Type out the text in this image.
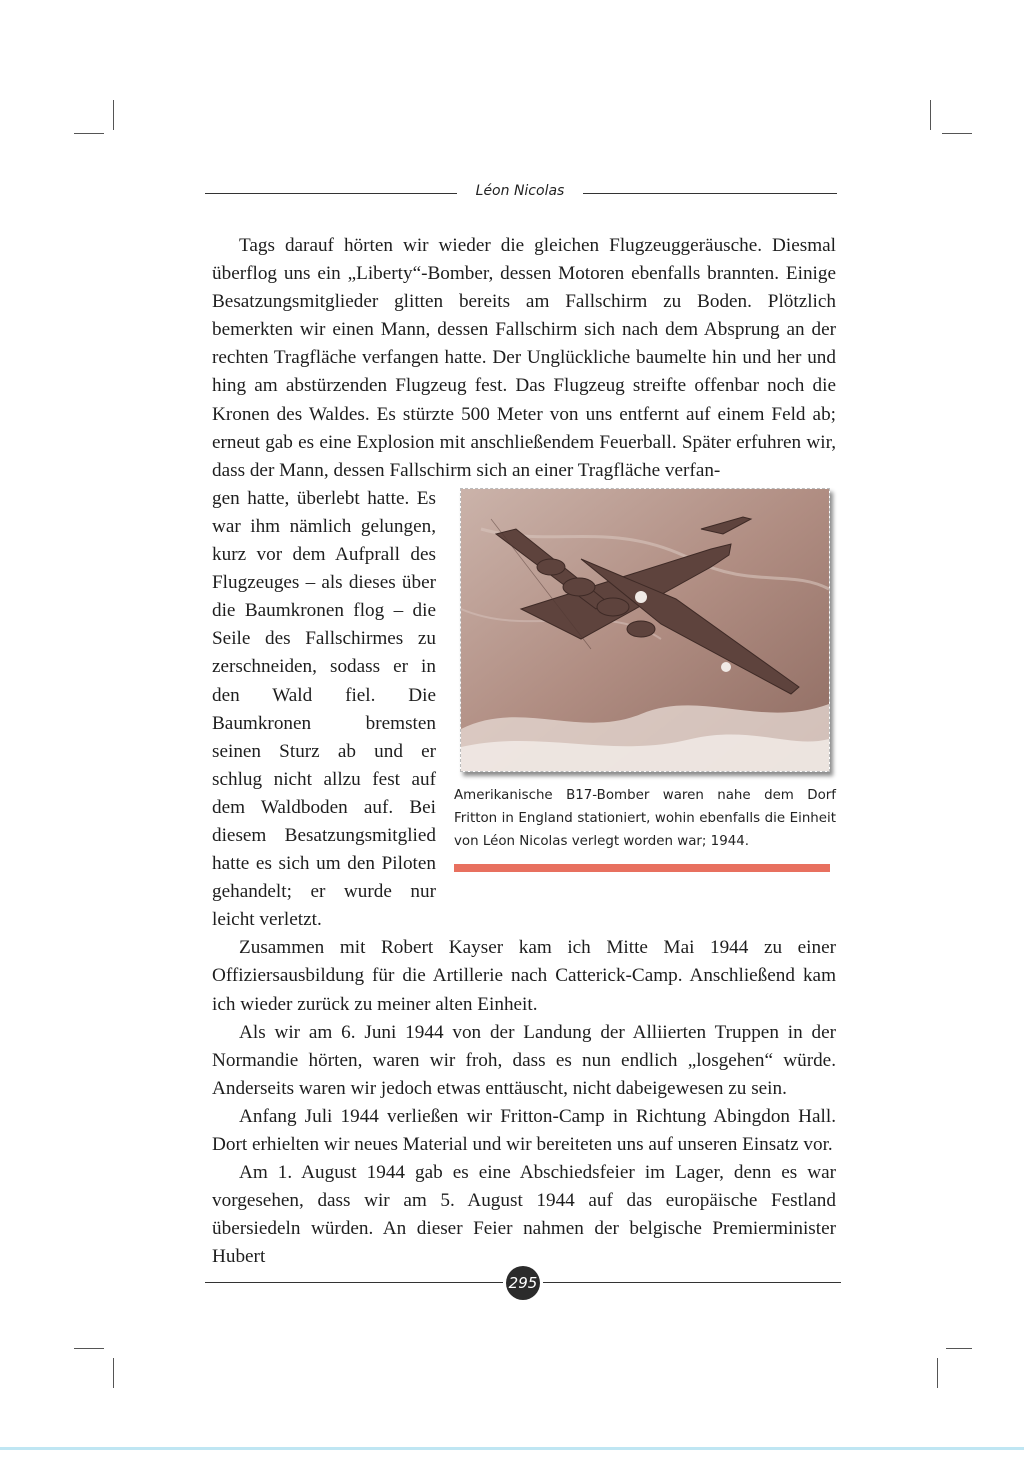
Léon Nicolas

Tags darauf hörten wir wieder die gleichen Flugzeuggeräusche. Diesmal überflog uns ein „Liberty“-Bomber, dessen Motoren ebenfalls brannten. Einige Besatzungsmitglieder glitten bereits am Fallschirm zu Boden. Plötzlich bemerkten wir einen Mann, dessen Fallschirm sich nach dem Absprung an der rechten Tragfläche verfangen hatte. Der Unglückliche baumelte hin und her und hing am abstürzenden Flugzeug fest. Das Flugzeug streifte offenbar noch die Kronen des Waldes. Es stürzte 500 Meter von uns entfernt auf einem Feld ab; erneut gab es eine Explosion mit anschließendem Feuerball. Später erfuhren wir, dass der Mann, dessen Fallschirm sich an einer Tragfläche verfan-

Amerikanische B17-Bomber waren nahe dem Dorf Fritton in England stationiert, wohin ebenfalls die Einheit von Léon Nicolas verlegt worden war; 1944.

gen hatte, überlebt hatte. Es war ihm nämlich gelungen, kurz vor dem Aufprall des Flugzeuges – als dieses über die Baumkronen flog – die Seile des Fallschirmes zu zerschneiden, sodass er in den Wald fiel. Die Baumkronen bremsten seinen Sturz ab und er schlug nicht allzu fest auf dem Waldboden auf. Bei diesem Besatzungsmitglied hatte es sich um den Piloten gehandelt; er wurde nur leicht verletzt.

Zusammen mit Robert Kayser kam ich Mitte Mai 1944 zu einer Offiziersausbildung für die Artillerie nach Catterick-Camp. Anschließend kam ich wieder zurück zu meiner alten Einheit.

Als wir am 6. Juni 1944 von der Landung der Alliierten Truppen in der Normandie hörten, waren wir froh, dass es nun endlich „losgehen“ würde. Anderseits waren wir jedoch etwas enttäuscht, nicht dabeigewesen zu sein.

Anfang Juli 1944 verließen wir Fritton-Camp in Richtung Abingdon Hall. Dort erhielten wir neues Material und wir bereiteten uns auf unseren Einsatz vor.

Am 1. August 1944 gab es eine Abschiedsfeier im Lager, denn es war vorgesehen, dass wir am 5. August 1944 auf das europäische Festland übersiedeln würden. An dieser Feier nahmen der belgische Premierminister Hubert

295
